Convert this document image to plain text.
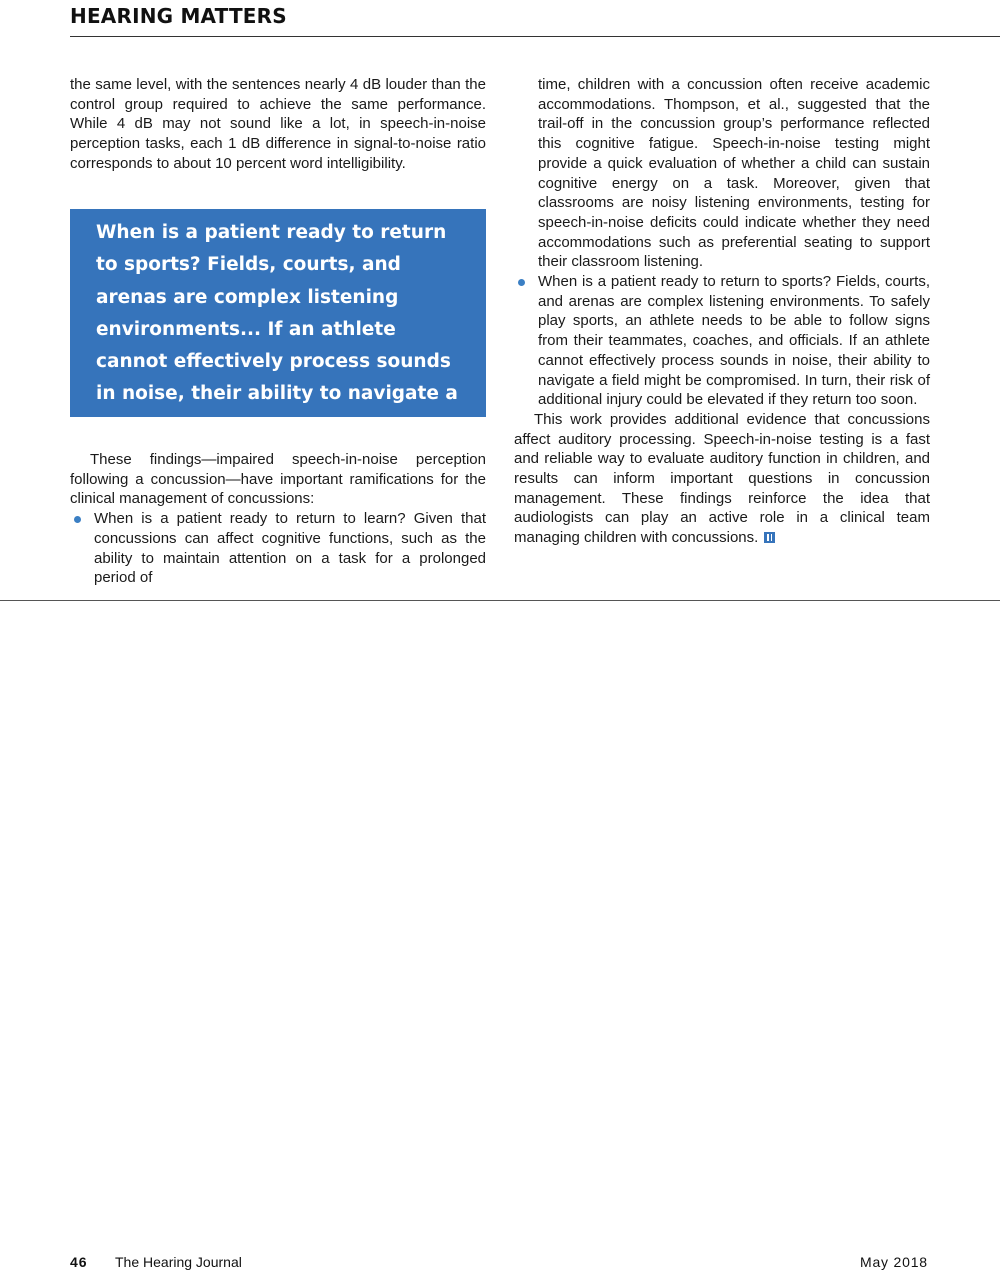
HEARING MATTERS

the same level, with the sentences nearly 4 dB louder than the control group required to achieve the same performance. While 4 dB may not sound like a lot, in speech-in-noise perception tasks, each 1 dB difference in signal-to-noise ratio corresponds to about 10 percent word intelligibility.

When is a patient ready to return to sports? Fields, courts, and arenas are complex listening environments... If an athlete cannot effectively process sounds in noise, their ability to navigate a field might be compromised.

These findings—impaired speech-in-noise perception following a concussion—have important ramifications for the clinical management of concussions:

When is a patient ready to return to learn? Given that concussions can affect cognitive functions, such as the ability to maintain attention on a task for a prolonged period of

time, children with a concussion often receive academic accommodations. Thompson, et al., suggested that the trail-off in the concussion group’s performance reflected this cognitive fatigue. Speech-in-noise testing might provide a quick evaluation of whether a child can sustain cognitive energy on a task. Moreover, given that classrooms are noisy listening environments, testing for speech-in-noise deficits could indicate whether they need accommodations such as preferential seating to support their classroom listening.

When is a patient ready to return to sports? Fields, courts, and arenas are complex listening environments. To safely play sports, an athlete needs to be able to follow signs from their teammates, coaches, and officials. If an athlete cannot effectively process sounds in noise, their ability to navigate a field might be compromised. In turn, their risk of additional injury could be elevated if they return too soon.

This work provides additional evidence that concussions affect auditory processing. Speech-in-noise testing is a fast and reliable way to evaluate auditory function in children, and results can inform important questions in concussion management. These findings reinforce the idea that audiologists can play an active role in a clinical team managing children with concussions.

46 The Hearing Journal	May 2018
